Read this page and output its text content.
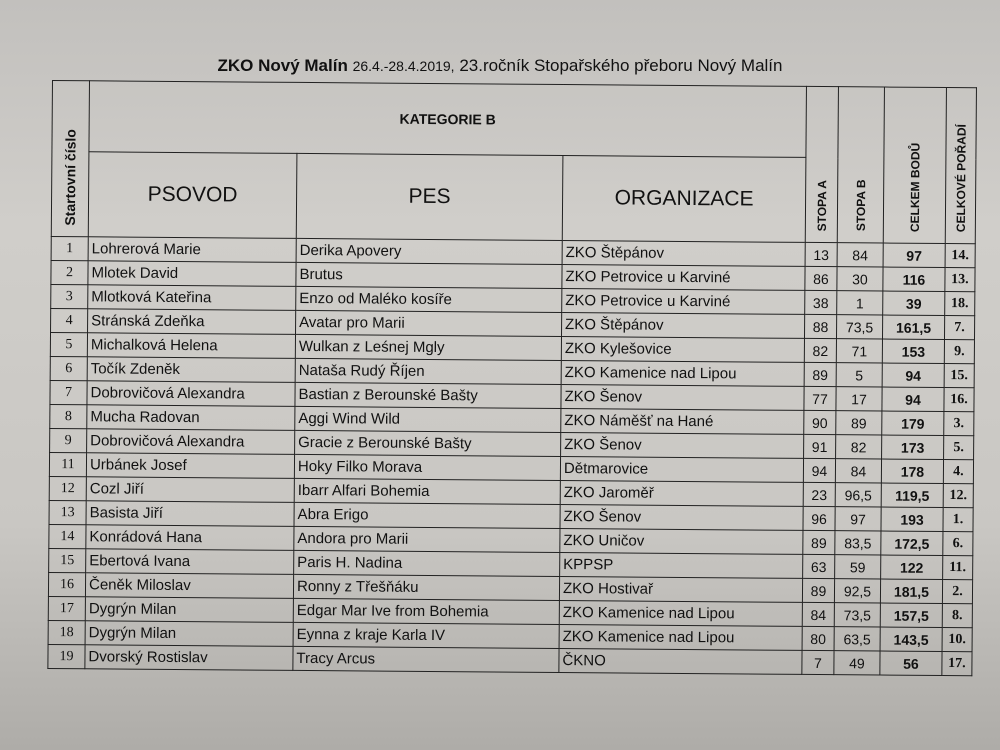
ZKO Nový Malín 26.4.-28.4.2019, 23.ročník Stopařského přeboru Nový Malín
Startovní číslo	KATEGORIE B			STOPA A	STOPA B	CELKEM BODŮ	CELKOVÉ POŘADÍ
	PSOVOD	PES	ORGANIZACE				
1	Lohrerová Marie	Derika Apovery	ZKO Štěpánov	13	84	97	14.
2	Mlotek David	Brutus	ZKO Petrovice u Karviné	86	30	116	13.
3	Mlotková Kateřina	Enzo od Maléko kosíře	ZKO Petrovice u Karviné	38	1	39	18.
4	Stránská Zdeňka	Avatar pro Marii	ZKO Štěpánov	88	73,5	161,5	7.
5	Michalková Helena	Wulkan z Leśnej Mgly	ZKO Kylešovice	82	71	153	9.
6	Točík Zdeněk	Nataša Rudý Říjen	ZKO Kamenice nad Lipou	89	5	94	15.
7	Dobrovičová Alexandra	Bastian z Berounské Bašty	ZKO Šenov	77	17	94	16.
8	Mucha Radovan	Aggi Wind Wild	ZKO Náměšť na Hané	90	89	179	3.
9	Dobrovičová Alexandra	Gracie z Berounské Bašty	ZKO Šenov	91	82	173	5.
11	Urbánek Josef	Hoky Filko Morava	Dětmarovice	94	84	178	4.
12	Cozl Jiří	Ibarr Alfari Bohemia	ZKO Jaroměř	23	96,5	119,5	12.
13	Basista Jiří	Abra Erigo	ZKO Šenov	96	97	193	1.
14	Konrádová Hana	Andora pro Marii	ZKO Uničov	89	83,5	172,5	6.
15	Ebertová Ivana	Paris H. Nadina	KPPSP	63	59	122	11.
16	Čeněk Miloslav	Ronny z Třešňáku	ZKO Hostivař	89	92,5	181,5	2.
17	Dygrýn Milan	Edgar Mar Ive from Bohemia	ZKO Kamenice nad Lipou	84	73,5	157,5	8.
18	Dygrýn Milan	Eynna z kraje Karla IV	ZKO Kamenice nad Lipou	80	63,5	143,5	10.
19	Dvorský Rostislav	Tracy Arcus	ČKNO	7	49	56	17.
